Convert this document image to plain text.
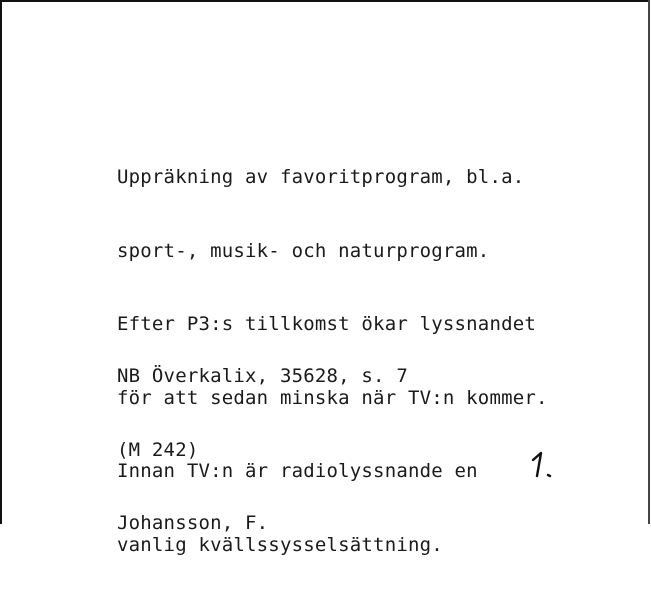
Uppräkning av favoritprogram, bl.a.

sport-, musik- och naturprogram.

Efter P3:s tillkomst ökar lyssnandet

för att sedan minska när TV:n kommer.

Innan TV:n är radiolyssnande en

vanlig kvällssysselsättning.

NB Överkalix, 35628, s. 7

(M 242)

Johansson, F.
